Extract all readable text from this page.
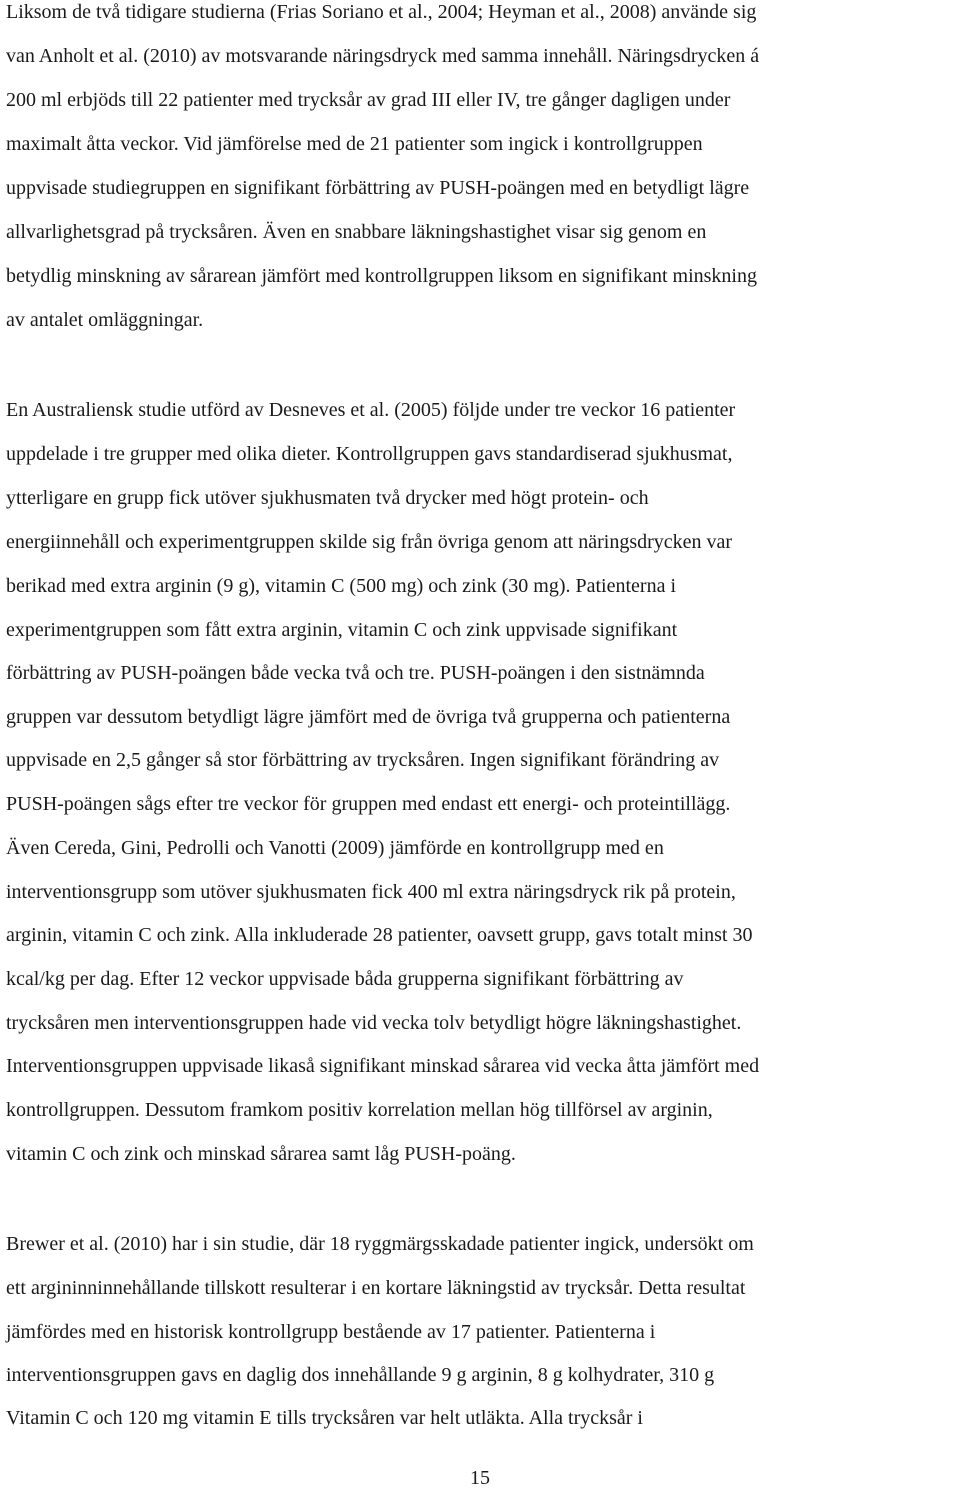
Liksom de två tidigare studierna (Frias Soriano et al., 2004; Heyman et al., 2008) använde sig

van Anholt et al. (2010) av motsvarande näringsdryck med samma innehåll. Näringsdrycken á

200 ml erbjöds till 22 patienter med trycksår av grad III eller IV, tre gånger dagligen under

maximalt åtta veckor. Vid jämförelse med de 21 patienter som ingick i kontrollgruppen

uppvisade studiegruppen en signifikant förbättring av PUSH-poängen med en betydligt lägre

allvarlighetsgrad på trycksåren. Även en snabbare läkningshastighet visar sig genom en

betydlig minskning av sårarean jämfört med kontrollgruppen liksom en signifikant minskning

av antalet omläggningar.

En Australiensk studie utförd av Desneves et al. (2005) följde under tre veckor 16 patienter

uppdelade i tre grupper med olika dieter. Kontrollgruppen gavs standardiserad sjukhusmat,

ytterligare en grupp fick utöver sjukhusmaten två drycker med högt protein- och

energiinnehåll och experimentgruppen skilde sig från övriga genom att näringsdrycken var

berikad med extra arginin (9 g), vitamin C (500 mg) och zink (30 mg). Patienterna i

experimentgruppen som fått extra arginin, vitamin C och zink uppvisade signifikant

förbättring av PUSH-poängen både vecka två och tre. PUSH-poängen i den sistnämnda

gruppen var dessutom betydligt lägre jämfört med de övriga två grupperna och patienterna

uppvisade en 2,5 gånger så stor förbättring av trycksåren. Ingen signifikant förändring av

PUSH-poängen sågs efter tre veckor för gruppen med endast ett energi- och proteintillägg.

Även Cereda, Gini, Pedrolli och Vanotti (2009) jämförde en kontrollgrupp med en

interventionsgrupp som utöver sjukhusmaten fick 400 ml extra näringsdryck rik på protein,

arginin, vitamin C och zink. Alla inkluderade 28 patienter, oavsett grupp, gavs totalt minst 30

kcal/kg per dag. Efter 12 veckor uppvisade båda grupperna signifikant förbättring av

trycksåren men interventionsgruppen hade vid vecka tolv betydligt högre läkningshastighet.

Interventionsgruppen uppvisade likaså signifikant minskad sårarea vid vecka åtta jämfört med

kontrollgruppen. Dessutom framkom positiv korrelation mellan hög tillförsel av arginin,

vitamin C och zink och minskad sårarea samt låg PUSH-poäng.

Brewer et al. (2010) har i sin studie, där 18 ryggmärgsskadade patienter ingick, undersökt om

ett argininninnehållande tillskott resulterar i en kortare läkningstid av trycksår. Detta resultat

jämfördes med en historisk kontrollgrupp bestående av 17 patienter. Patienterna i

interventionsgruppen gavs en daglig dos innehållande 9 g arginin, 8 g kolhydrater, 310 g

Vitamin C och 120 mg vitamin E tills trycksåren var helt utläkta. Alla trycksår i

15
